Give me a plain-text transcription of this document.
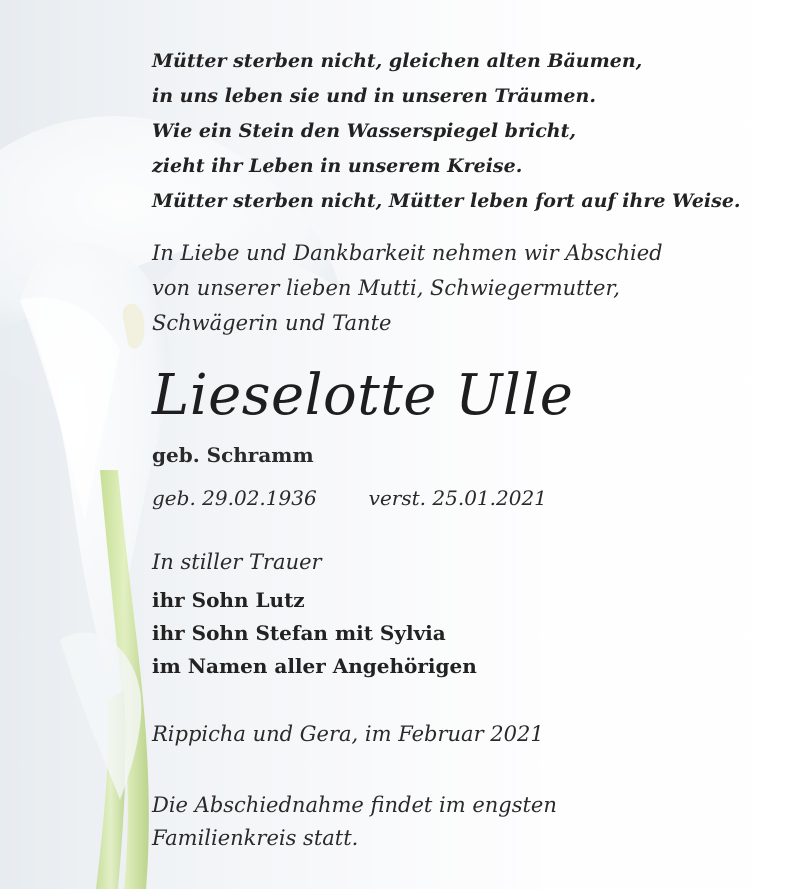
Mütter sterben nicht, gleichen alten Bäumen,
in uns leben sie und in unseren Träumen.
Wie ein Stein den Wasserspiegel bricht,
zieht ihr Leben in unserem Kreise.
Mütter sterben nicht, Mütter leben fort auf ihre Weise.
In Liebe und Dankbarkeit nehmen wir Abschied
von unserer lieben Mutti, Schwiegermutter,
Schwägerin und Tante
Lieselotte Ulle
geb. Schramm
geb. 29.02.1936	verst. 25.01.2021
In stiller Trauer
ihr Sohn Lutz
ihr Sohn Stefan mit Sylvia
im Namen aller Angehörigen
Rippicha und Gera, im Februar 2021
Die Abschiednahme findet im engsten
Familienkreis statt.
